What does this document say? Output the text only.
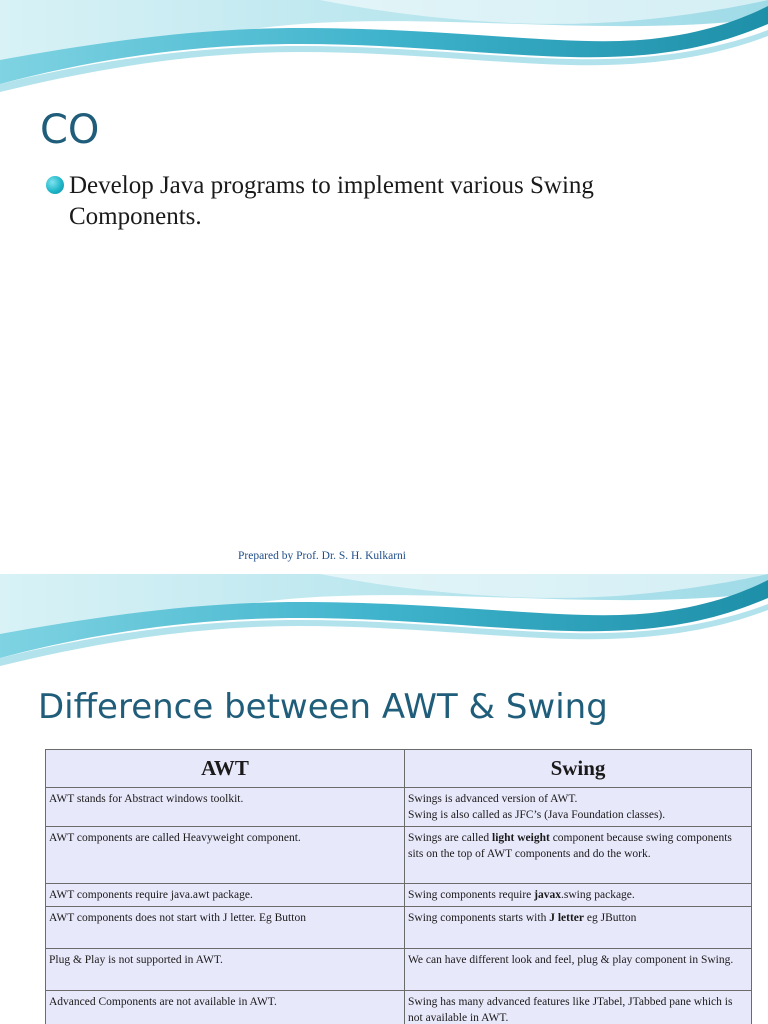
CO

Develop Java programs to implement various Swing Components.

Prepared by Prof. Dr. S. H. Kulkarni
Difference between AWT & Swing
AWT	Swing
AWT stands for Abstract windows toolkit.	Swings is advanced version of AWT.
Swing is also called as JFC’s (Java Foundation classes).
AWT components are called Heavyweight component.	Swings are called light weight component because swing components sits on the top of AWT components and do the work.
AWT components require java.awt package.	Swing components require javax.swing package.
AWT components does not start with J letter. Eg Button	Swing components starts with J letter eg JButton
Plug & Play is not supported in AWT.	We can have different look and feel, plug & play component in Swing.
Advanced Components are not available in AWT.	Swing has many advanced features like JTabel, JTabbed pane which is not available in AWT.
